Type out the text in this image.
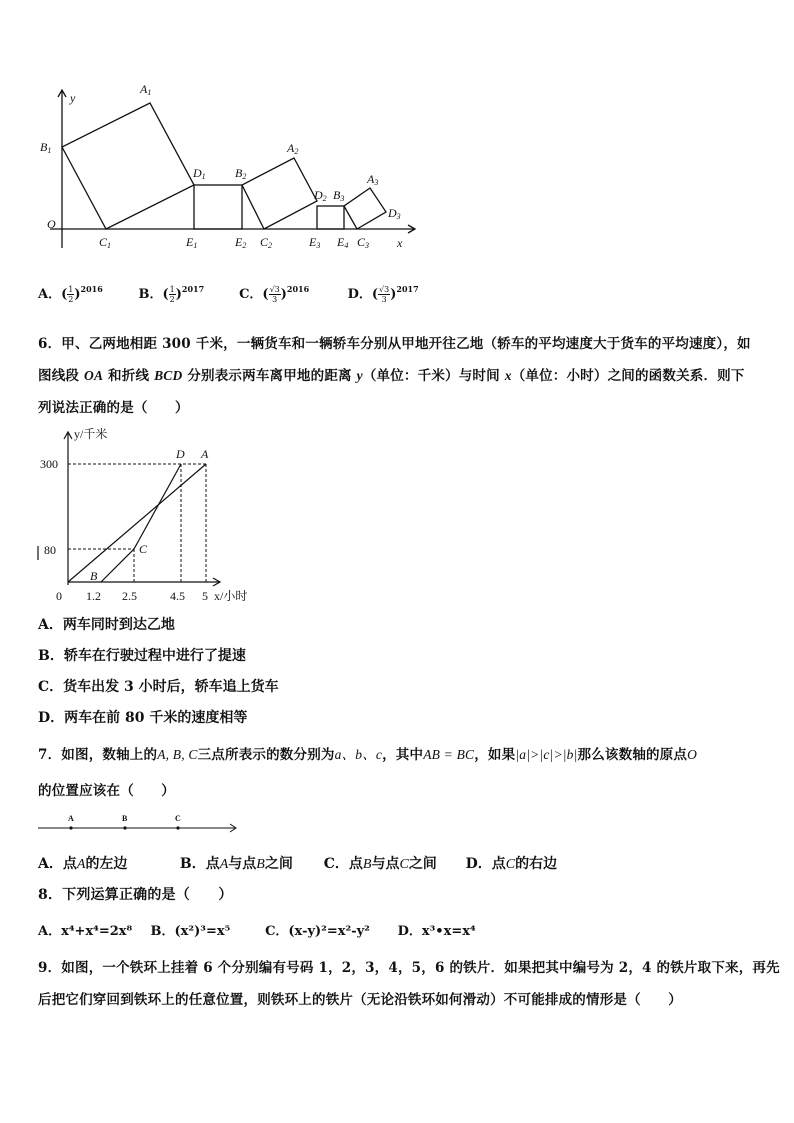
y
x
O
A1
B1
C1
D1
E1
B2
E2
A2
C2
D2 B3
E3 E4
A3
C3
D3
A．( $\frac{1}{2} )^{2016}$	B．( $\frac{1}{2} )^{2017}$	C．( $\frac{√3}{3} )^{2016}$	D．( $\frac{√3}{3} )^{2017}$
6．甲、乙两地相距 300 千米，一辆货车和一辆轿车分别从甲地开往乙地（轿车的平均速度大于货车的平均速度），如
图线段 OA 和折线 BCD 分别表示两车离甲地的距离 y（单位：千米）与时间 x（单位：小时）之间的函数关系．则下
列说法正确的是（　　）
y/千米
x/小时
0 1.2 2.5	4.5 5
300
80
D A
C
B
A．两车同时到达乙地
B．轿车在行驶过程中进行了提速
C．货车出发 3 小时后，轿车追上货车
D．两车在前 80 千米的速度相等
7．如图，数轴上的A, B, C三点所表示的数分别为a、b、c，其中AB = BC，如果|a|>|c|>|b|那么该数轴的原点O
的位置应该在（　　）
A	B	C
A．点A的左边	B．点A与点B之间 C．点B与点C之间 D．点C的右边
8．下列运算正确的是（　　）
A．x⁴+x⁴=2x⁸ B．(x²)³=x⁵	C．(x-y)²=x²-y² D．x³•x=x⁴
9．如图，一个铁环上挂着 6 个分别编有号码 1，2，3，4，5，6 的铁片．如果把其中编号为 2，4 的铁片取下来，再先
后把它们穿回到铁环上的任意位置，则铁环上的铁片（无论沿铁环如何滑动）不可能排成的情形是（　　）
